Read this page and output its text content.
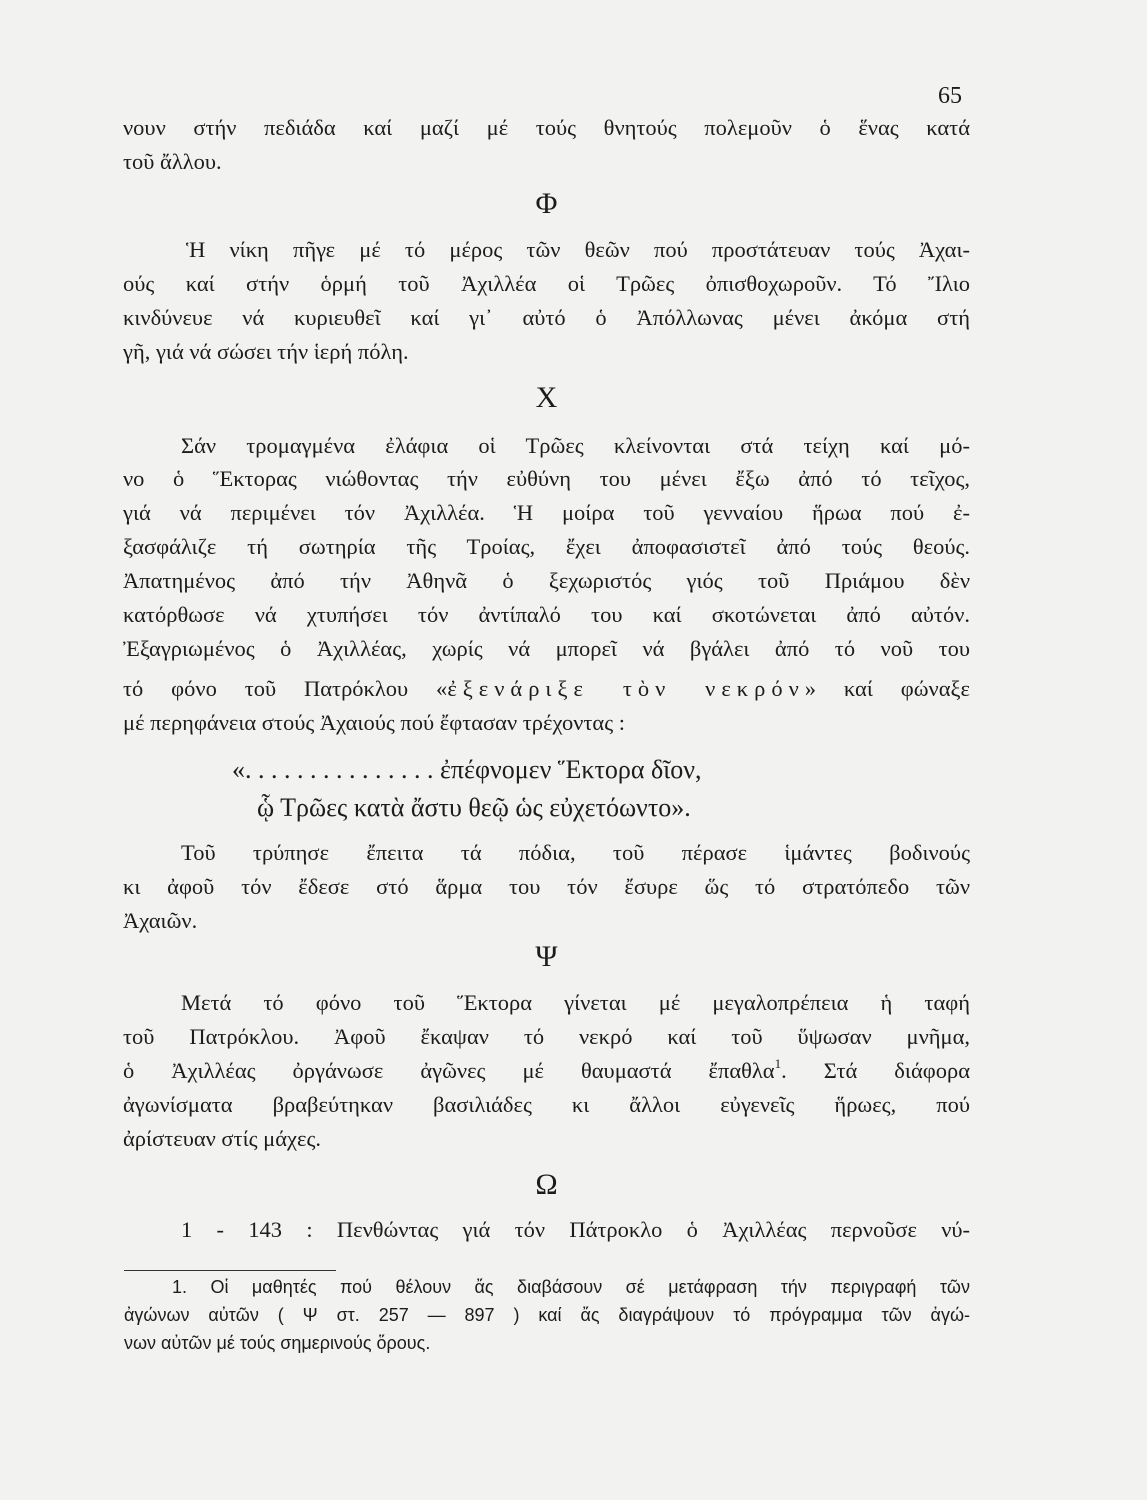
65
νουν στήν πεδιάδα καί μαζί μέ τούς θνητούς πολεμοῦν ὁ ἕνας κατά
τοῦ ἄλλου.
Φ
Ἡ νίκη πῆγε μέ τό μέρος τῶν θεῶν πού προστάτευαν τούς Ἀχαι-
ούς καί στήν ὁρμή τοῦ Ἀχιλλέα οἱ Τρῶες ὀπισθοχωροῦν. Τό Ἴλιο
κινδύνευε νά κυριευθεῖ καί γι᾽ αὐτό ὁ Ἀπόλλωνας μένει ἀκόμα στή
γῆ, γιά νά σώσει τήν ἱερή πόλη.
Χ
Σάν τρομαγμένα ἐλάφια οἱ Τρῶες κλείνονται στά τείχη καί μό-
νο ὁ Ἕκτορας νιώθοντας τήν εὐθύνη του μένει ἔξω ἀπό τό τεῖχος,
γιά νά περιμένει τόν Ἀχιλλέα. Ἡ μοίρα τοῦ γενναίου ἥρωα πού ἐ-
ξασφάλιζε τή σωτηρία τῆς Τροίας, ἔχει ἀποφασιστεῖ ἀπό τούς θεούς.
Ἀπατημένος ἀπό τήν Ἀθηνᾶ ὁ ξεχωριστός γιός τοῦ Πριάμου δὲν
κατόρθωσε νά χτυπήσει τόν ἀντίπαλό του καί σκοτώνεται ἀπό αὐτόν.
Ἐξαγριωμένος ὁ Ἀχιλλέας, χωρίς νά μπορεῖ νά βγάλει ἀπό τό νοῦ του
τό φόνο τοῦ Πατρόκλου «ἐξενάριξε τὸν νεκρόν» καί φώναξε
μέ περηφάνεια στούς Ἀχαιούς πού ἔφτασαν τρέχοντας :
«. . . . . . . . . . . . . . . ἐπέφνομεν Ἕκτορα δῖον,
ᾧ Τρῶες κατὰ ἄστυ θεῷ ὡς εὐχετόωντο».
Τοῦ τρύπησε ἔπειτα τά πόδια, τοῦ πέρασε ἱμάντες βοδινούς
κι ἀφοῦ τόν ἔδεσε στό ἅρμα του τόν ἔσυρε ὥς τό στρατόπεδο τῶν
Ἀχαιῶν.
Ψ
Μετά τό φόνο τοῦ Ἕκτορα γίνεται μέ μεγαλοπρέπεια ἡ ταφή
τοῦ Πατρόκλου. Ἀφοῦ ἔκαψαν τό νεκρό καί τοῦ ὕψωσαν μνῆμα,
ὁ Ἀχιλλέας ὀργάνωσε ἀγῶνες μέ θαυμαστά ἔπαθλα$^1$. Στά διάφορα
ἀγωνίσματα βραβεύτηκαν βασιλιάδες κι ἄλλοι εὐγενεῖς ἥρωες, πού
ἀρίστευαν στίς μάχες.
Ω
1 - 143 : Πενθώντας γιά τόν Πάτροκλο ὁ Ἀχιλλέας περνοῦσε νύ-
1. Οἱ μαθητές πού θέλουν ἄς διαβάσουν σέ μετάφραση τήν περιγραφή τῶν
ἀγώνων αὐτῶν ( Ψ στ. 257 — 897 ) καί ἄς διαγράψουν τό πρόγραμμα τῶν ἀγώ-
νων αὐτῶν μέ τούς σημερινούς ὅρους.
